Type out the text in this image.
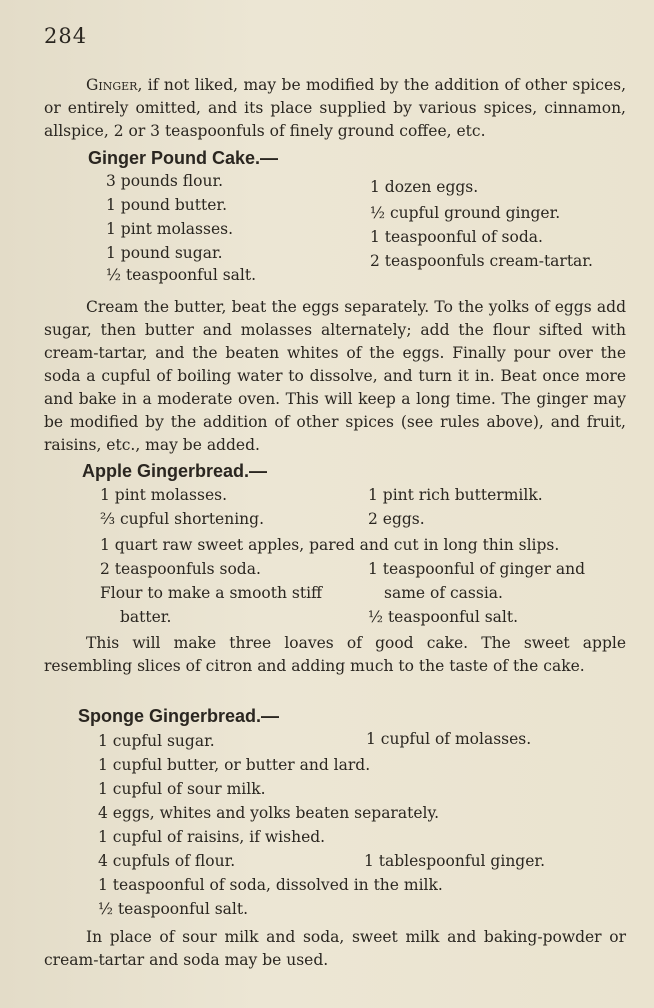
284
Ginger, if not liked, may be modified by the addition of other spices, or entirely omitted, and its place supplied by various spices, cinnamon, allspice, 2 or 3 teaspoonfuls of finely ground coffee, etc.
Ginger Pound Cake.—
3 pounds flour.
1 pound butter.
1 pint molasses.
1 pound sugar.
½ teaspoonful salt.
1 dozen eggs.
½ cupful ground ginger.
1 teaspoonful of soda.
2 teaspoonfuls cream-tartar.
Cream the butter, beat the eggs separately. To the yolks of eggs add sugar, then butter and molasses alternately; add the flour sifted with cream-tartar, and the beaten whites of the eggs. Finally pour over the soda a cupful of boiling water to dissolve, and turn it in. Beat once more and bake in a moderate oven. This will keep a long time. The ginger may be modified by the addition of other spices (see rules above), and fruit, raisins, etc., may be added.
Apple Gingerbread.—
1 pint molasses.	1 pint rich buttermilk.
⅔ cupful shortening.	2 eggs.
1 quart raw sweet apples, pared and cut in long thin slips.
2 teaspoonfuls soda.	1 teaspoonful of ginger and
Flour to make a smooth stiff	same of cassia.
batter.	½ teaspoonful salt.
This will make three loaves of good cake. The sweet apple resembling slices of citron and adding much to the taste of the cake.
Sponge Gingerbread.—
1 cupful sugar.	1 cupful of molasses.
1 cupful butter, or butter and lard.
1 cupful of sour milk.
4 eggs, whites and yolks beaten separately.
1 cupful of raisins, if wished.
4 cupfuls of flour.	1 tablespoonful ginger.
1 teaspoonful of soda, dissolved in the milk.
½ teaspoonful salt.
In place of sour milk and soda, sweet milk and baking-powder or cream-tartar and soda may be used.
